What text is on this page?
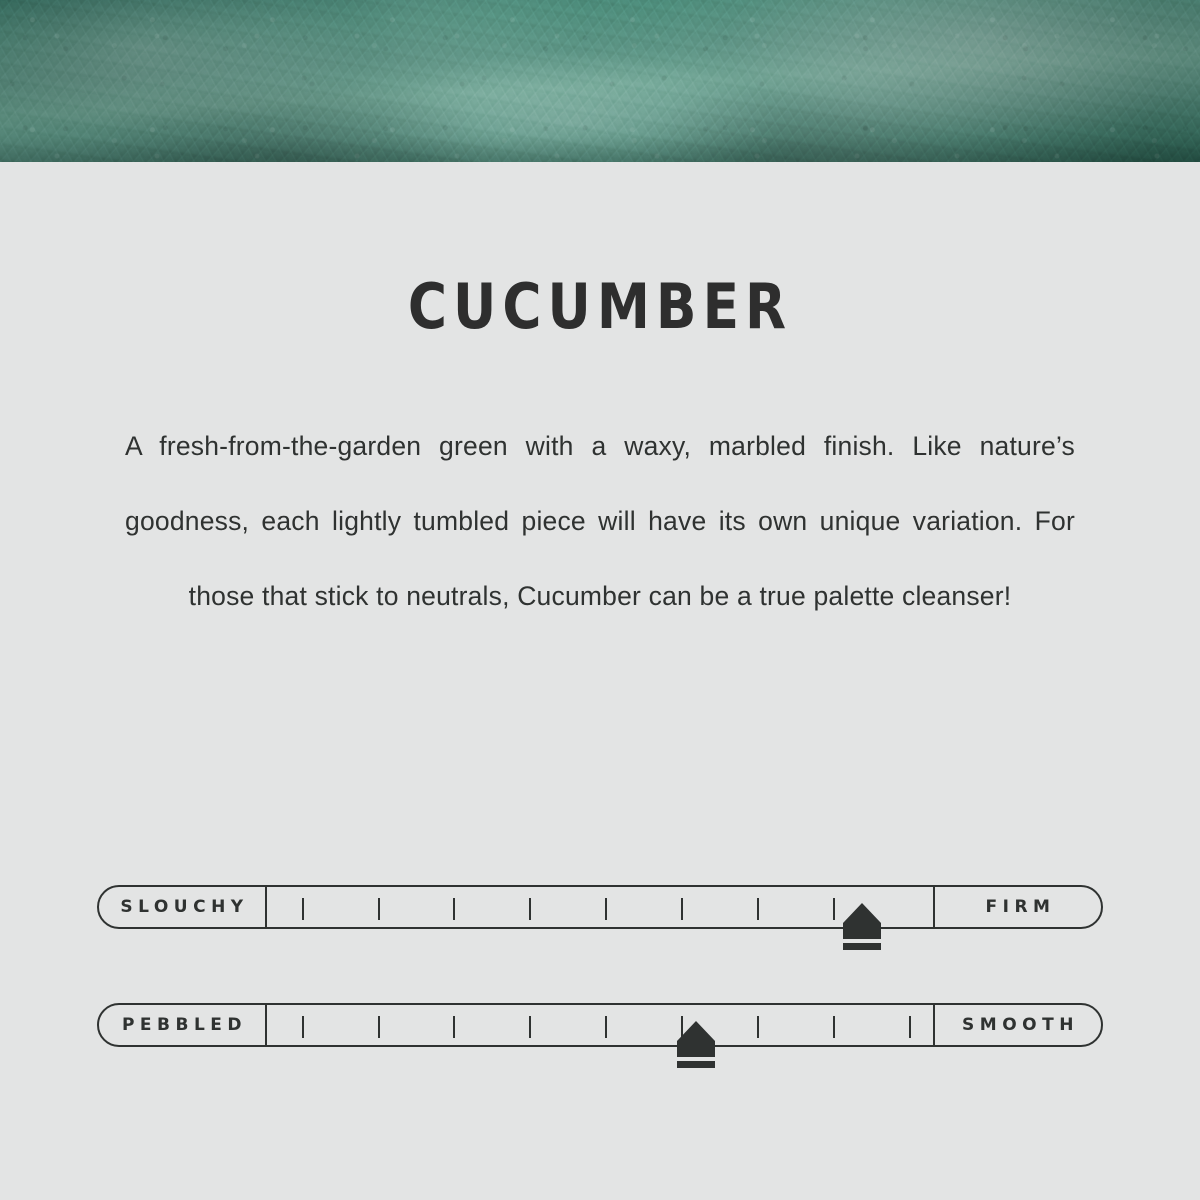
CUCUMBER
A fresh-from-the-garden green with a waxy, marbled finish. Like nature’s goodness, each lightly tumbled piece will have its own unique variation. For those that stick to neutrals, Cucumber can be a true palette cleanser!
SLOUCHY	FIRM
PEBBLED	SMOOTH
